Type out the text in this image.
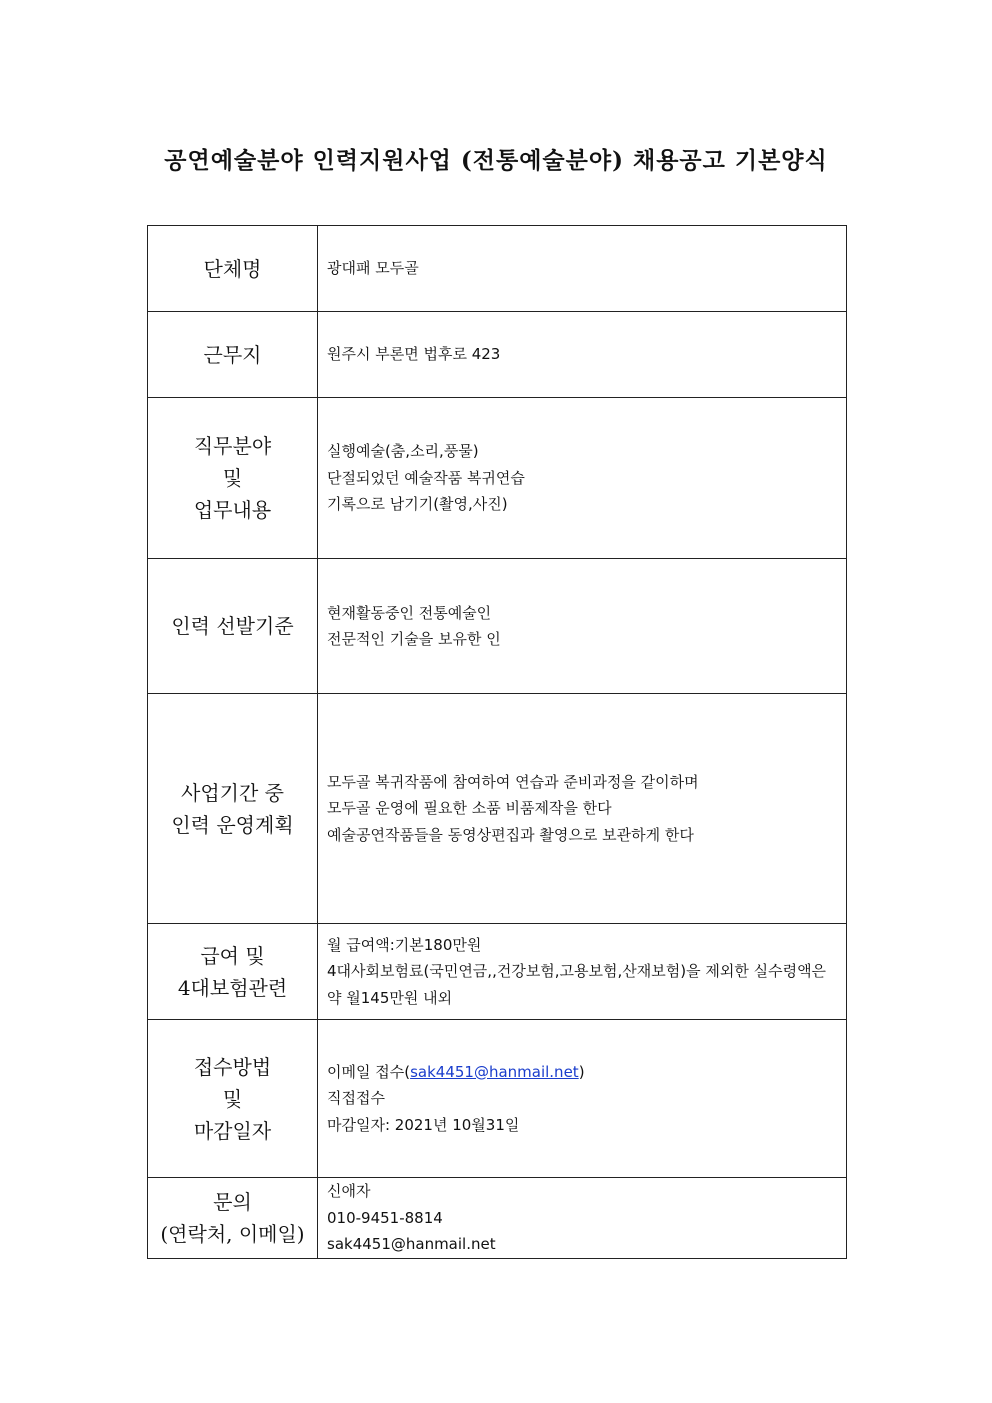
공연예술분야 인력지원사업 (전통예술분야) 채용공고 기본양식
단체명	광대패 모두골

근무지	원주시 부론면 법후로 423

직무분야
및
업무내용	실행예술(춤,소리,풍물)
단절되었던 예술작품 복귀연습
기록으로 남기기(촬영,사진)

인력 선발기준	현재활동중인 전통예술인
전문적인 기술을 보유한 인

사업기간 중
인력 운영계획	모두골 복귀작품에 참여하여 연습과 준비과정을 같이하며
모두골 운영에 필요한 소품 비품제작을 한다
예술공연작품들을 동영상편집과 촬영으로 보관하게 한다

급여 및
4대보험관련	월 급여액:기본180만원
4대사회보험료(국민연금,,건강보험,고용보험,산재보험)을 제외한 실수령액은 약 월145만원 내외

접수방법
및
마감일자	이메일 접수(sak4451@hanmail.net)
직접접수
마감일자: 2021년 10월31일

문의
(연락처, 이메일)	신애자
010-9451-8814
sak4451@hanmail.net
